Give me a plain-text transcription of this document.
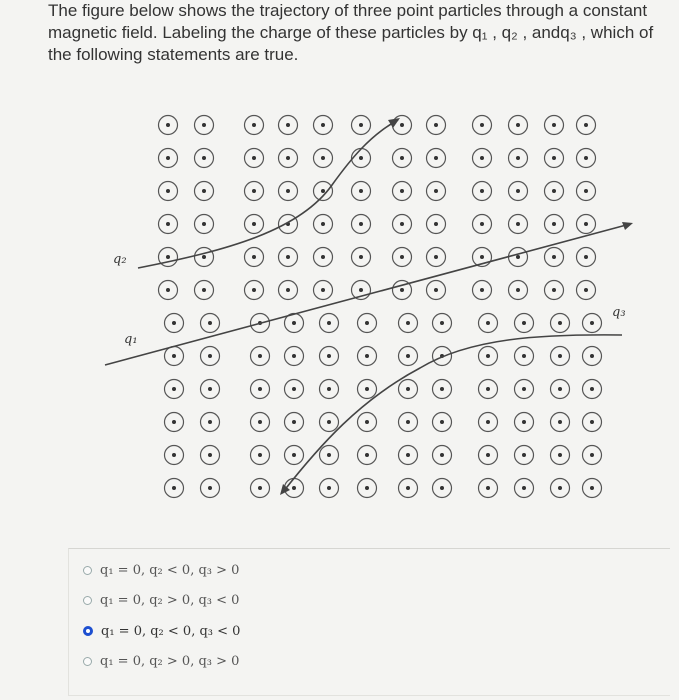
The figure below shows the trajectory of three point particles through a constant
magnetic field. Labeling the charge of these particles by q₁ , q₂ , andq₃ , which of
the following statements are true.
q₂
q₁
q₃
q₁ = 0, q₂ < 0, q₃ > 0
q₁ = 0, q₂ > 0, q₃ < 0
q₁ = 0, q₂ < 0, q₃ < 0
q₁ = 0, q₂ > 0, q₃ > 0
